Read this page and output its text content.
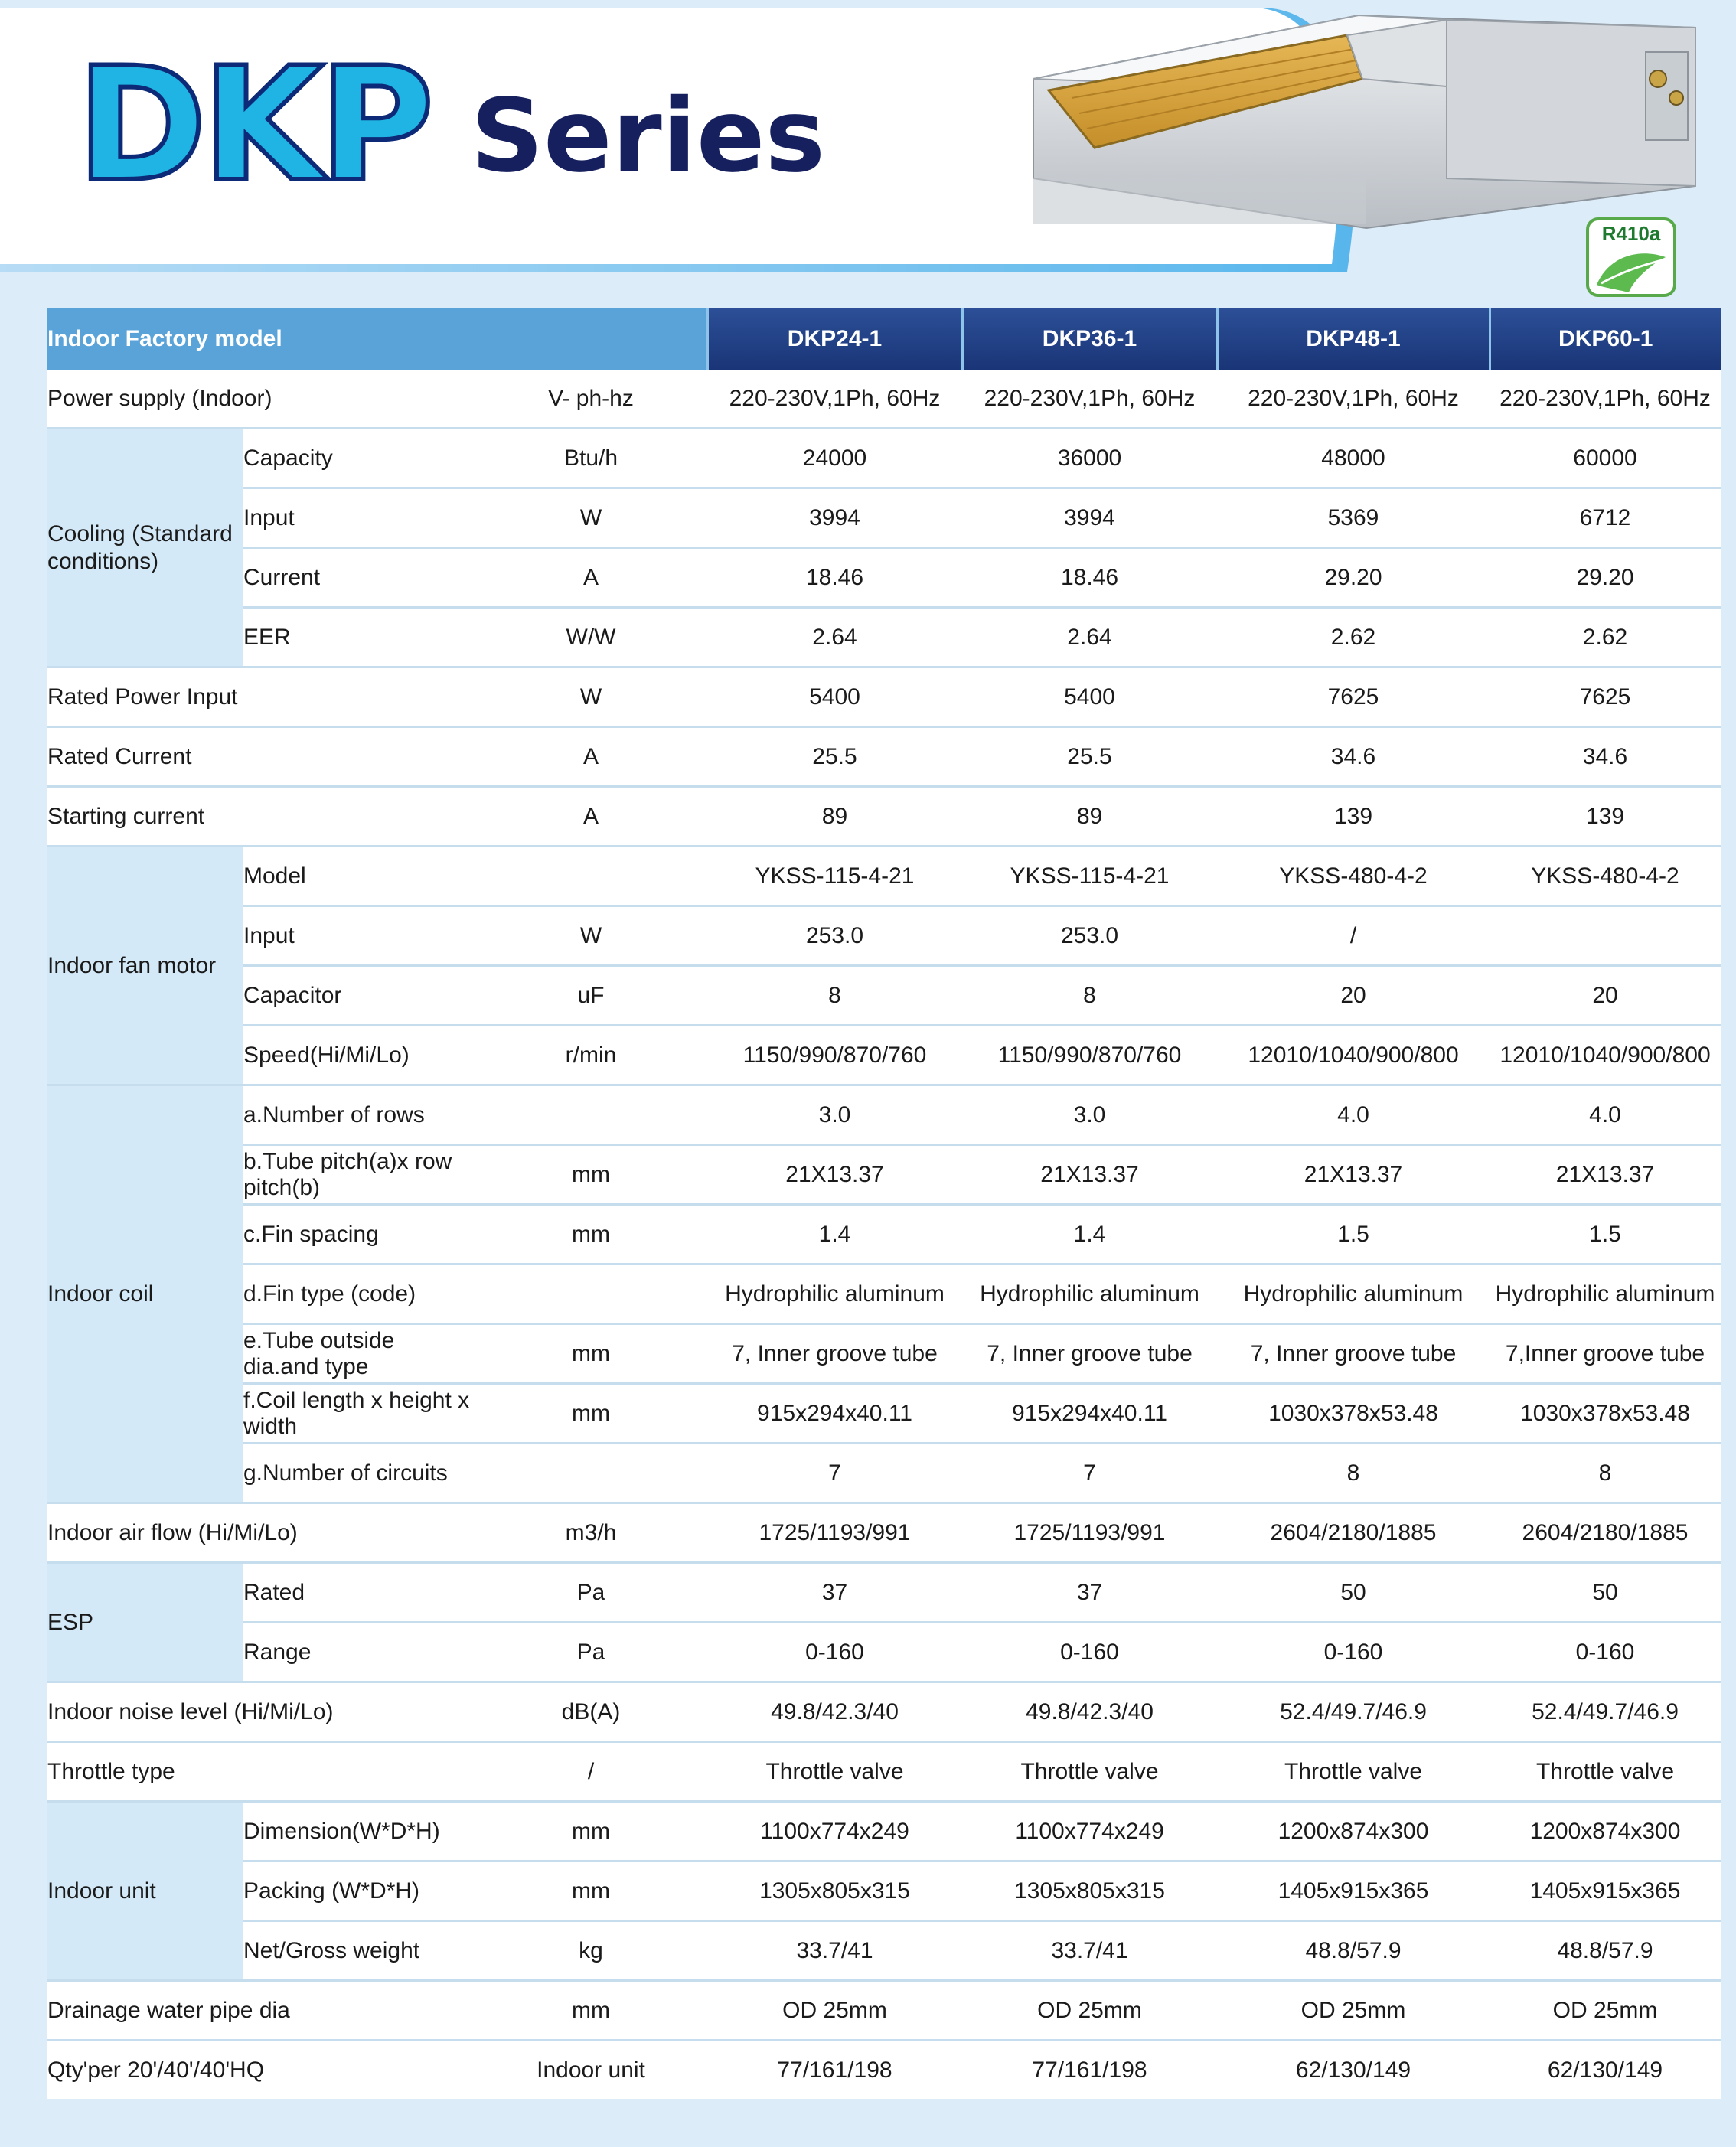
DKP Series
R410a
Indoor Factory model			DKP24-1	DKP36-1	DKP48-1	DKP60-1
Power supply (Indoor)		V- ph-hz	220-230V,1Ph, 60Hz	220-230V,1Ph, 60Hz	220-230V,1Ph, 60Hz	220-230V,1Ph, 60Hz
Cooling (Standard conditions)	Capacity	Btu/h	24000	36000	48000	60000
	Input	W	3994	3994	5369	6712
	Current	A	18.46	18.46	29.20	29.20
	EER	W/W	2.64	2.64	2.62	2.62
Rated Power Input		W	5400	5400	7625	7625
Rated Current		A	25.5	25.5	34.6	34.6
Starting current		A	89	89	139	139
Indoor fan motor	Model		YKSS-115-4-21	YKSS-115-4-21	YKSS-480-4-2	YKSS-480-4-2
	Input	W	253.0	253.0	/	
	Capacitor	uF	8	8	20	20
	Speed(Hi/Mi/Lo)	r/min	1150/990/870/760	1150/990/870/760	12010/1040/900/800	12010/1040/900/800
Indoor coil	a.Number of rows		3.0	3.0	4.0	4.0
	b.Tube pitch(a)x row pitch(b)	mm	21X13.37	21X13.37	21X13.37	21X13.37
	c.Fin spacing	mm	1.4	1.4	1.5	1.5
	d.Fin type (code)		Hydrophilic aluminum	Hydrophilic aluminum	Hydrophilic aluminum	Hydrophilic aluminum
	e.Tube outside dia.and type	mm	7, Inner groove tube	7, Inner groove tube	7, Inner groove tube	7,Inner groove tube
	f.Coil length x height x width	mm	915x294x40.11	915x294x40.11	1030x378x53.48	1030x378x53.48
	g.Number of circuits		7	7	8	8
Indoor air flow (Hi/Mi/Lo)		m3/h	1725/1193/991	1725/1193/991	2604/2180/1885	2604/2180/1885
ESP	Rated	Pa	37	37	50	50
	Range	Pa	0-160	0-160	0-160	0-160
Indoor noise level (Hi/Mi/Lo)		dB(A)	49.8/42.3/40	49.8/42.3/40	52.4/49.7/46.9	52.4/49.7/46.9
Throttle type		/	Throttle valve	Throttle valve	Throttle valve	Throttle valve
Indoor unit	Dimension(W*D*H)	mm	1100x774x249	1100x774x249	1200x874x300	1200x874x300
	Packing (W*D*H)	mm	1305x805x315	1305x805x315	1405x915x365	1405x915x365
	Net/Gross weight	kg	33.7/41	33.7/41	48.8/57.9	48.8/57.9
Drainage water pipe dia		mm	OD 25mm	OD 25mm	OD 25mm	OD 25mm
Qty'per 20'/40'/40'HQ		Indoor unit	77/161/198	77/161/198	62/130/149	62/130/149
